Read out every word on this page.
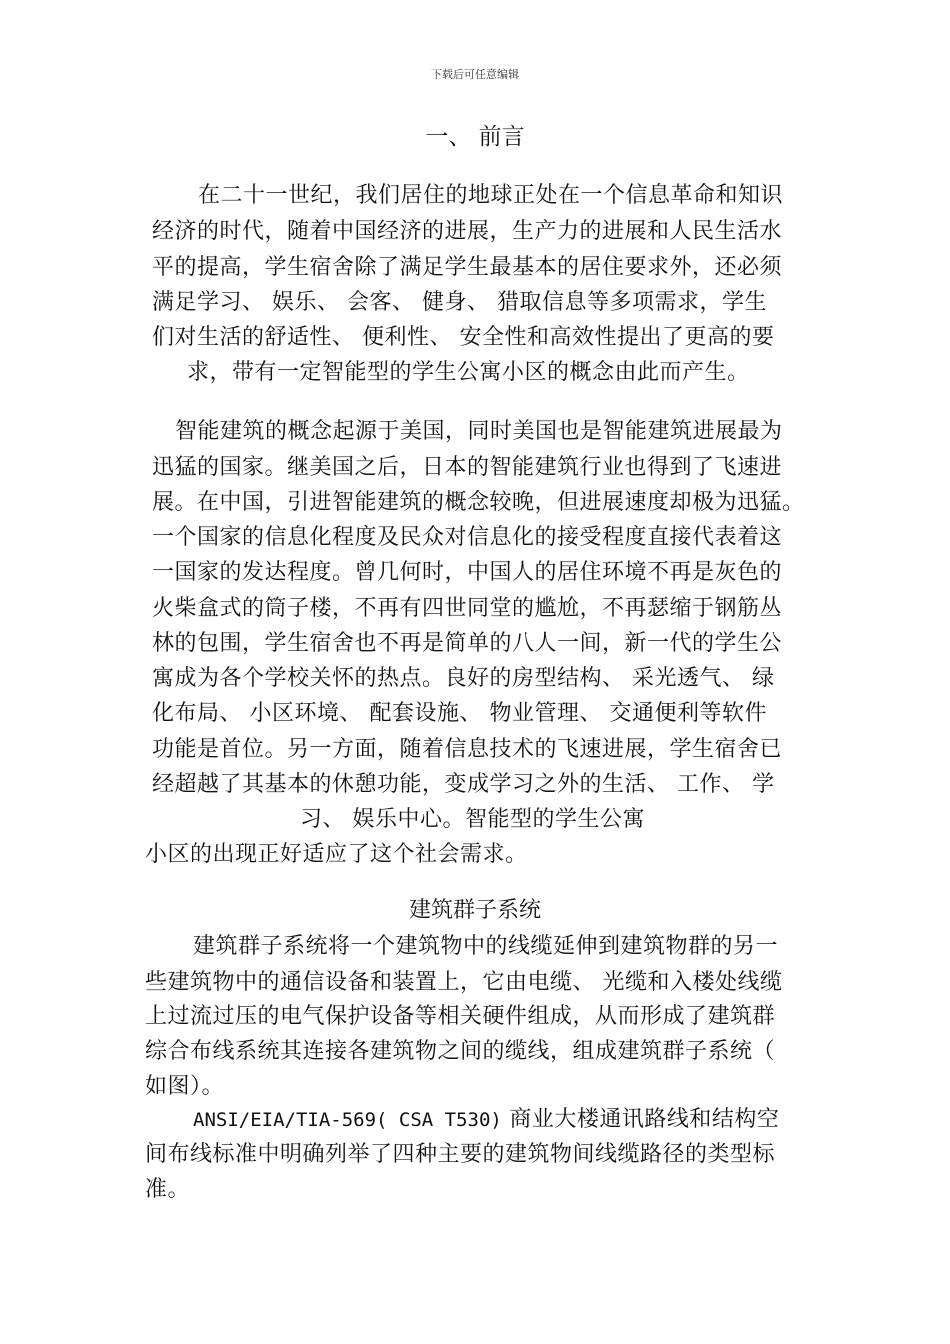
下载后可任意编辑
一、 前言
在二十一世纪，我们居住的地球正处在一个信息革命和知识
经济的时代，随着中国经济的进展，生产力的进展和人民生活水
平的提高，学生宿舍除了满足学生最基本的居住要求外，还必须
满足学习、 娱乐、 会客、 健身、 猎取信息等多项需求，学生
们对生活的舒适性、 便利性、 安全性和高效性提出了更高的要
求，带有一定智能型的学生公寓小区的概念由此而产生。
智能建筑的概念起源于美国，同时美国也是智能建筑进展最为
迅猛的国家。继美国之后，日本的智能建筑行业也得到了飞速进
展。在中国，引进智能建筑的概念较晚，但进展速度却极为迅猛。
一个国家的信息化程度及民众对信息化的接受程度直接代表着这
一国家的发达程度。曾几何时，中国人的居住环境不再是灰色的
火柴盒式的筒子楼，不再有四世同堂的尴尬，不再瑟缩于钢筋丛
林的包围，学生宿舍也不再是简单的八人一间，新一代的学生公
寓成为各个学校关怀的热点。良好的房型结构、 采光透气、 绿
化布局、 小区环境、 配套设施、 物业管理、 交通便利等软件
功能是首位。另一方面，随着信息技术的飞速进展，学生宿舍已
经超越了其基本的休憩功能，变成学习之外的生活、 工作、 学
习、 娱乐中心。智能型的学生公寓
小区的出现正好适应了这个社会需求。
建筑群子系统
建筑群子系统将一个建筑物中的线缆延伸到建筑物群的另一
些建筑物中的通信设备和装置上，它由电缆、 光缆和入楼处线缆
上过流过压的电气保护设备等相关硬件组成，从而形成了建筑群
综合布线系统其连接各建筑物之间的缆线，组成建筑群子系统（
如图）。
ANSI/EIA/TIA-569( CSA T530) 商业大楼通讯路线和结构空
间布线标准中明确列举了四种主要的建筑物间线缆路径的类型标
准。
